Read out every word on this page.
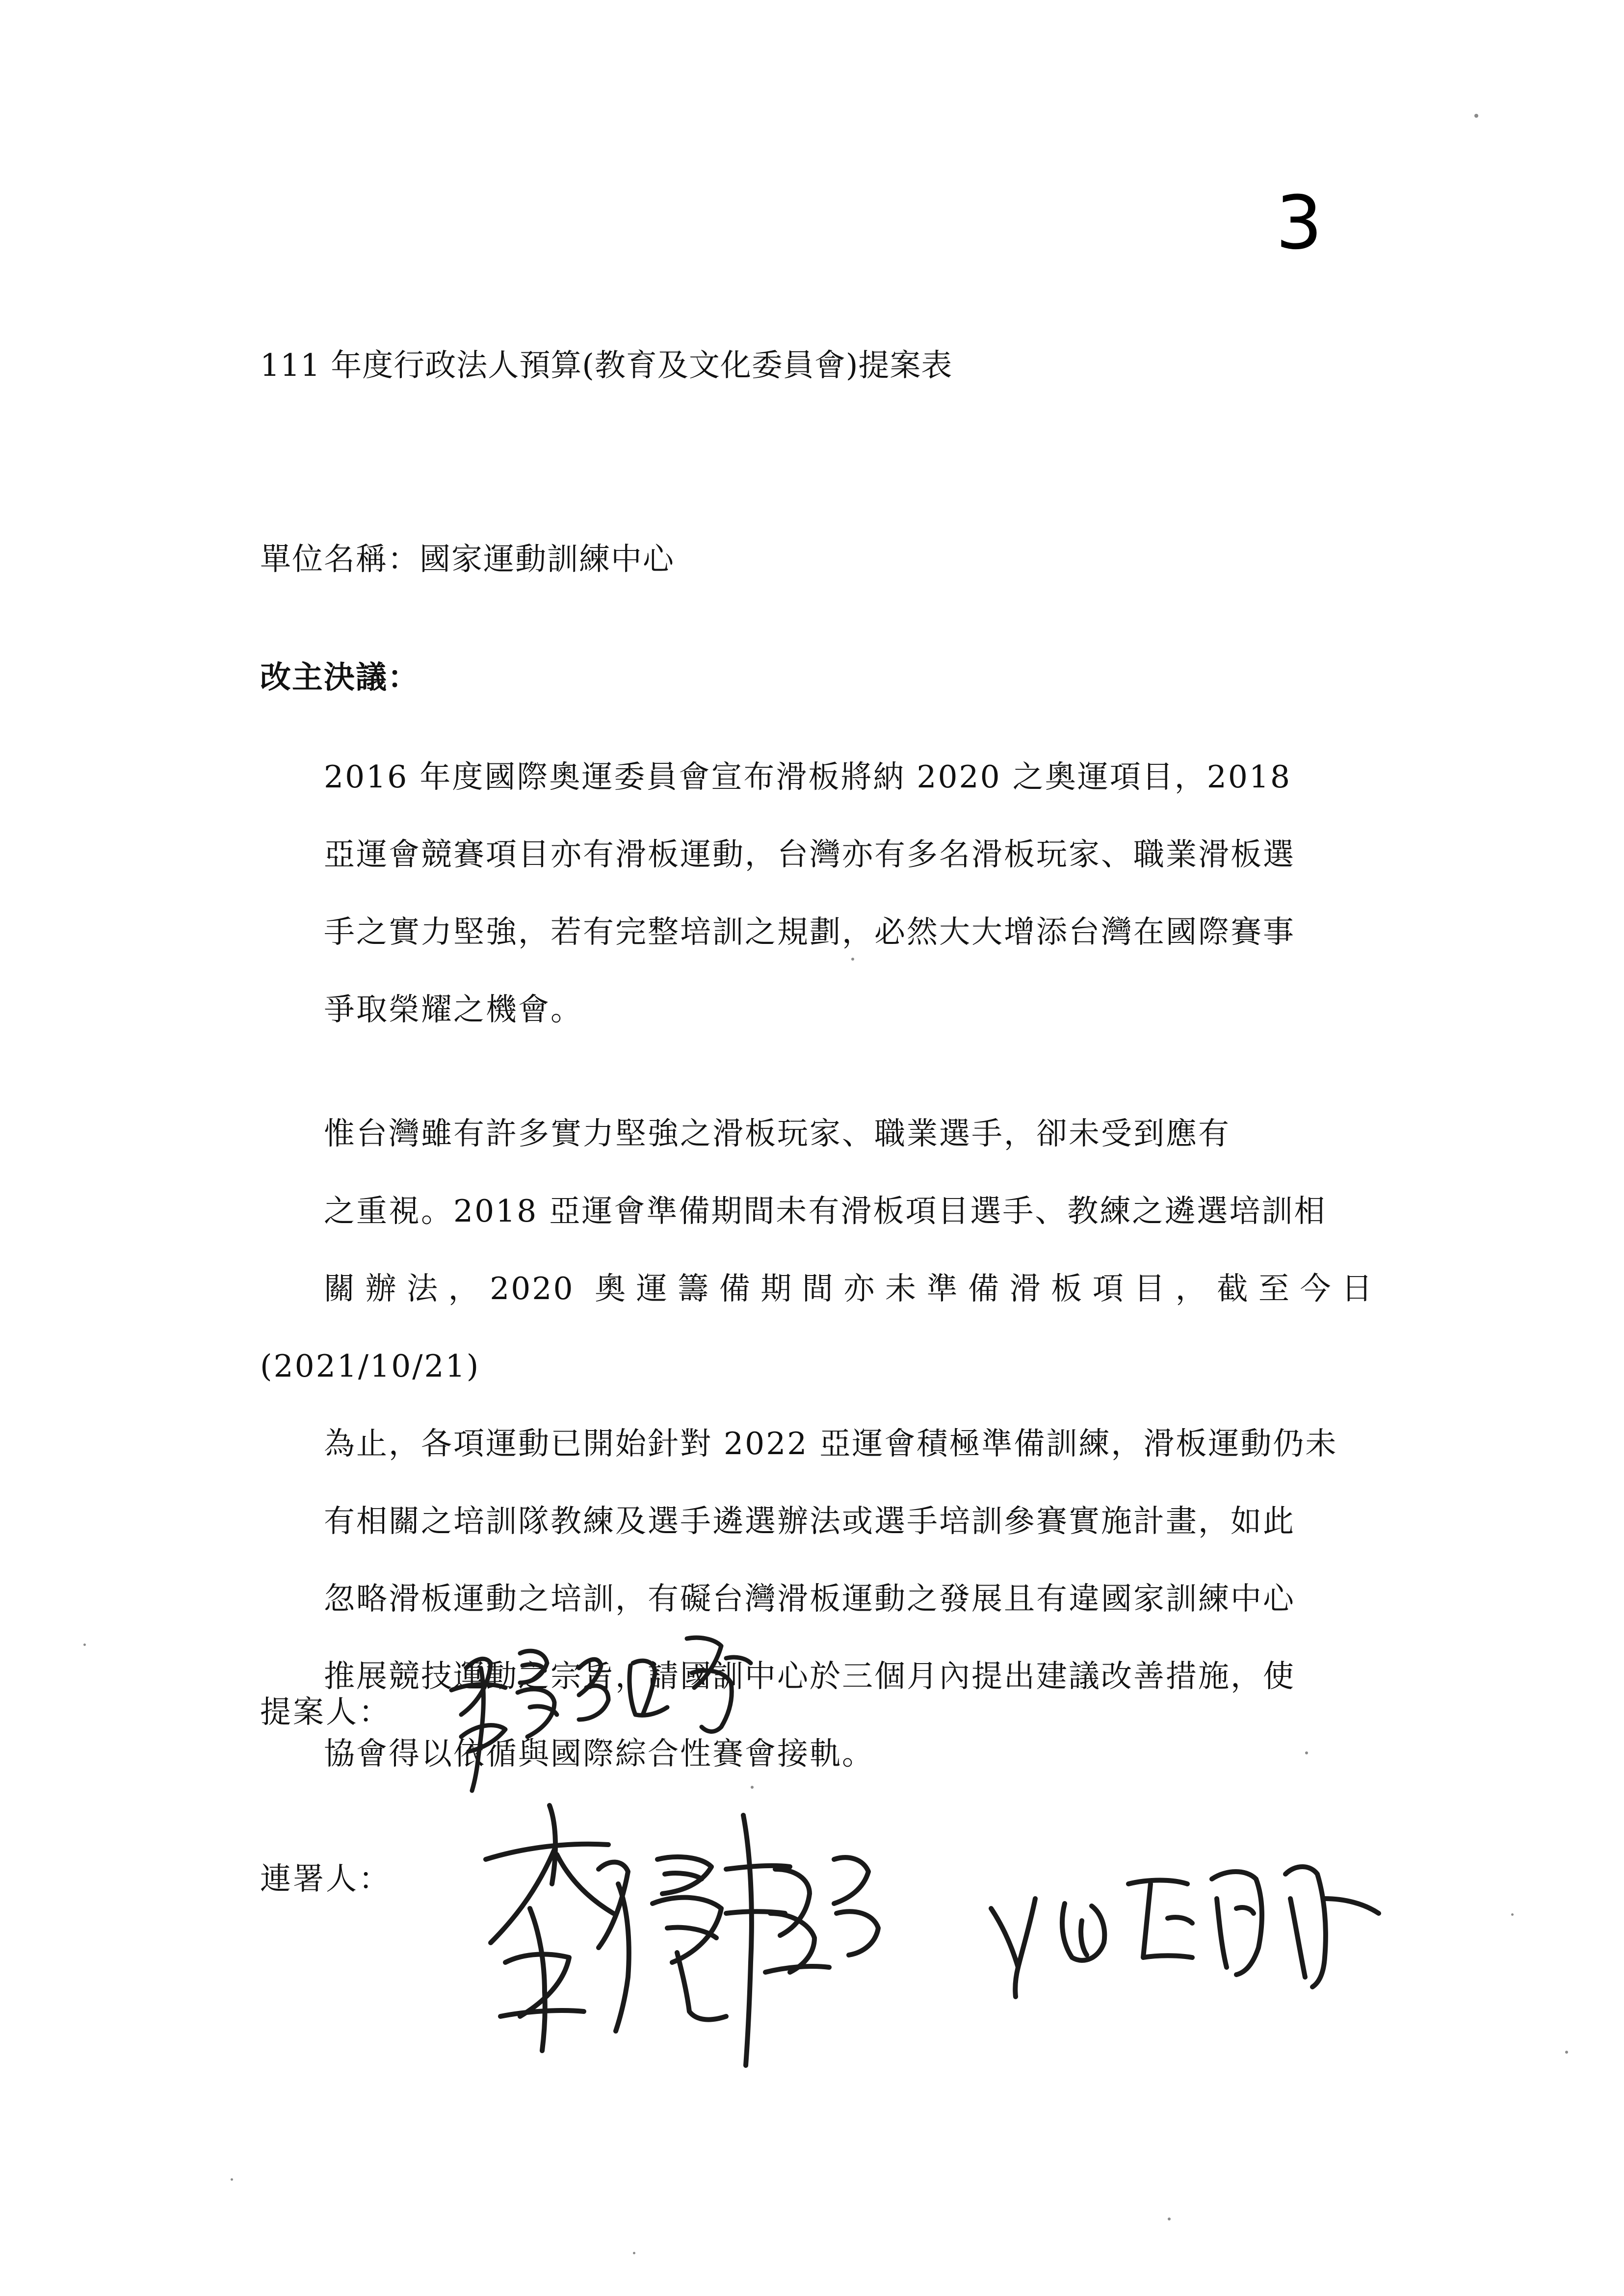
3
111 年度行政法人預算(教育及文化委員會)提案表
單位名稱：國家運動訓練中心
改主決議：
2016 年度國際奧運委員會宣布滑板將納 2020 之奧運項目，2018
亞運會競賽項目亦有滑板運動，台灣亦有多名滑板玩家、職業滑板選
手之實力堅強，若有完整培訓之規劃，必然大大增添台灣在國際賽事
爭取榮耀之機會。
惟台灣雖有許多實力堅強之滑板玩家、職業選手，卻未受到應有
之重視。2018 亞運會準備期間未有滑板項目選手、教練之遴選培訓相
關辦法，2020 奧運籌備期間亦未準備滑板項目，截至今日(2021/10/21)
為止，各項運動已開始針對 2022 亞運會積極準備訓練，滑板運動仍未
有相關之培訓隊教練及選手遴選辦法或選手培訓參賽實施計畫，如此
忽略滑板運動之培訓，有礙台灣滑板運動之發展且有違國家訓練中心
推展競技運動之宗旨，請國訓中心於三個月內提出建議改善措施，使
協會得以依循與國際綜合性賽會接軌。
提案人：
連署人：
